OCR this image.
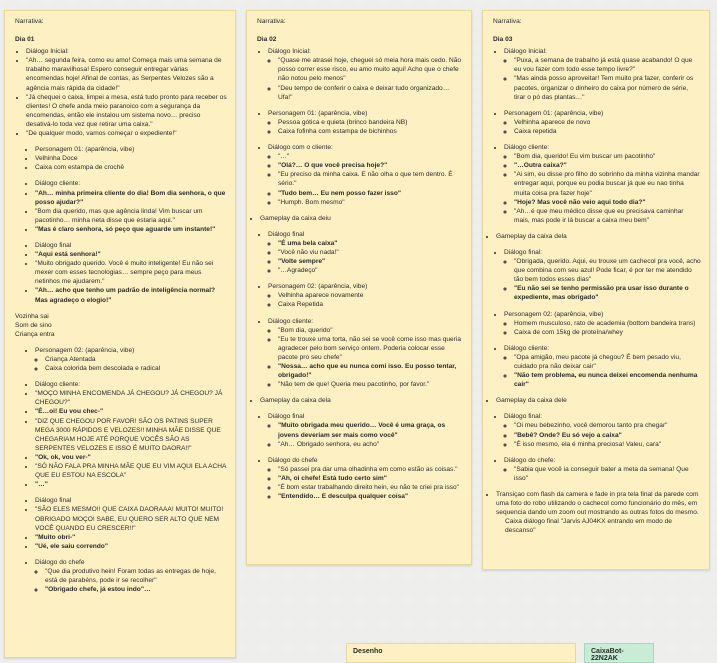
Narrativa:

Dia 01

• Diálogo Inicial:
• "Ah… segunda feira, como eu amo! Começa mais uma semana de trabalho maravilhosa! Espero conseguir entregar várias encomendas hoje! Afinal de contas, as Serpentes Velozes são a agência mais rápida da cidade!"
• "Já chequei o caixa, limpei a mesa, está tudo pronto para receber os clientes! O chefe anda meio paranoico com a segurança da encomendas, então ele instalou um sistema novo… preciso desativá-lo toda vez que retirar uma caixa."
• "De qualquer modo, vamos começar o expediente!"
• Personagem 01: (aparência, vibe)
• Velhinha Doce
• Caixa com estampa de crochê
• Diálogo cliente:
• "Ah… minha primeira cliente do dia! Bom dia senhora, o que posso ajudar?"
• "Bom dia querido, mas que agência linda! Vim buscar um pacotinho… minha neta disse que estaria aqui."
• "Mas é claro senhora, só peço que aguarde um instante!"
• Diálogo final
• "Aqui está senhora!"
• "Muito obrigado querido. Você é muito inteligente! Eu não sei mexer com esses tecnologias… sempre peço para meus netinhos me ajudarem."
• "Ah… acho que tenho um padrão de inteligência normal? Mas agradeço o elogio!"

Vozinha sai

Som de sino

Criança entra

• Personagem 02: (aparência, vibe)
◦ Criança Atentada
◦ Caixa colorida bem descolada e radical
• Diálogo cliente:
• "MOÇO MINHA ENCOMENDA JÁ CHEGOU? JÁ CHEGOU? JÁ CHEGOU?"
• "É…oi! Eu vou chec-"
• "DIZ QUE CHEGOU POR FAVOR! SÃO OS PATINS SUPER MEGA 3000 RÁPIDOS E VELOZES!! MINHA MÃE DISSE QUE CHEGARIAM HOJE ATÉ PORQUE VOCÊS SÃO AS SERPENTES VELOZES E ISSO É MUITO DAORA!!"
• "Ok, ok, vou ver-"
• "SÓ NÃO FALA PRA MINHA MÃE QUE EU VIM AQUI ELA ACHA QUE EU ESTOU NA ESCOLA"
• "…"
• Diálogo final
• "SÃO ELES MESMO!! QUE CAIXA DAORAAA! MUITO! MUITO! OBRIGADO MOÇO! SABE, EU QUERO SER ALTO QUE NEM VOCÊ QUANDO EU CRESCER!!"
• "Muito obri-"
• "Ué, ele saiu correndo"
• Diálogo do chefe
◦ "Que dia produtivo hein! Foram todas as entregas de hoje, está de parabéns, pode ir se recolher"
◦ "Obrigado chefe, já estou indo"…

Narrativa:

Dia 02

• Diálogo Inicial:
◦ "Quase me atrasei hoje, cheguei só meia hora mais cedo. Não posso correr esse risco, eu amo muito aqui! Acho que o chefe não notou pelo menos"
◦ "Deu tempo de conferir o caixa e deixar tudo organizado… Ufa!"
• Personagem 01: (aparência, vibe)
◦ Pessoa gótica e quieta (brinco bandeira NB)
◦ Caixa fofinha com estampa de bichinhos
• Diálogo com o cliente:
◦ "…"
◦ "Olá?… O que você precisa hoje?"
◦ "Eu preciso da minha caixa. E não olha o que tem dentro. É sério."
◦ "Tudo bem… Eu nem posso fazer isso"
◦ "Humph. Bom mesmo"
• Gameplay da caixa deiu
• Diálogo final
◦ "É uma bela caixa"
◦ "Você não viu nada!"
◦ "Volte sempre"
◦ "…Agradeço"
• Personagem 02: (aparência, vibe)
◦ Velhinha aparece novamente
◦ Caixa Repetida
• Diálogo cliente:
◦ "Bom dia, querido"
◦ "Eu te trouxe uma torta, não sei se você come isso mas queria agradecer pelo bom serviço ontem. Poderia colocar esse pacote pro seu chefe"
◦ "Nossa… acho que eu nunca comi isso. Eu posso tentar, obrigado!"
◦ "Não tem de que! Queria meu pacotinho, por favor."
• Gameplay da caixa dela
• Diálogo final
◦ "Muito obrigada meu querido… Você é uma graça, os jovens deveriam ser mais como você"
◦ "Ah… Obrigado senhora, eu acho"
• Diálogo do chefe
◦ "Só passei pra dar uma olhadinha em como estão as coisas."
◦ "Ah, oi chefe! Está tudo certo sim"
◦ "É bom estar trabalhando direito hein, eu não te criei pra isso"
◦ "Entendido… E desculpa qualquer coisa"

Narrativa:

Dia 03

• Diálogo Inicial:
◦ "Puxa, a semana de trabalho já está quase acabando! O que eu vou fazer com todo esse tempo livre?"
◦ "Mas ainda posso aproveitar! Tem muito pra fazer, conferir os pacotes, organizar o dinheiro do caixa por número de série, tirar o pó das plantas…"
• Personagem 01: (aparência, vibe)
◦ Velhinha aparece de novo
◦ Caixa repetida
• Diálogo cliente:
◦ "Bom dia, querido! Eu vim buscar um pacotinho"
◦ "…Outra caixa?"
◦ "Ai sim, eu disse pro filho do sobrinho da minha vizinha mandar entregar aqui, porque eu podia buscar já que eu nao tinha muita coisa pra fazer hoje"
◦ "Hoje? Mas você não veio aqui todo dia?"
◦ "Ah…é que meu médico disse que eu precisava caminhar mais, mas pode ir lá buscar a caixa meu bem"
• Gameplay da caixa dela
• Diálogo final:
◦ "Obrigada, querido. Aqui, eu trouxe um cachecol pra você, acho que combina com seu azul! Pode ficar, é por ter me atendido tão bem todos esses dias"
◦ "Eu não sei se tenho permissão pra usar isso durante o expediente, mas obrigado"
• Personagem 02: (aparência, vibe)
◦ Homem musculoso, rato de academia (bottom bandeira trans)
◦ Caixa de com 15kg de proteína/whey
• Diálogo cliente:
◦ "Opa amigão, meu pacote já chegou? É bem pesado viu, cuidado pra não deixar cair"
◦ "Não tem problema, eu nunca deixei encomenda nenhuma cair"
• Gameplay da caixa dele
• Diálogo final:
◦ "Oi meu bebezinho, você demorou tanto pra chegar"
◦ "Bebê? Onde? Eu só vejo a caixa"
◦ "É isso mesmo, ela é minha preciosa! Valeu, cara"
• Diálogo do chefe:
◦ "Sabia que você ia conseguir bater a meta da semana! Que isso"
• Transiçao com flash da camera e fade in pra tela final da parede com uma foto do robo utilizando o cachecol como funcionário do mês, em sequencia dando um zoom out mostrando as outras fotos do mesmo.

Caixa diálogo final "Jarvis AJ04KX entrando em modo de descanso"

Desenho	CaixaBot-22N2AK
